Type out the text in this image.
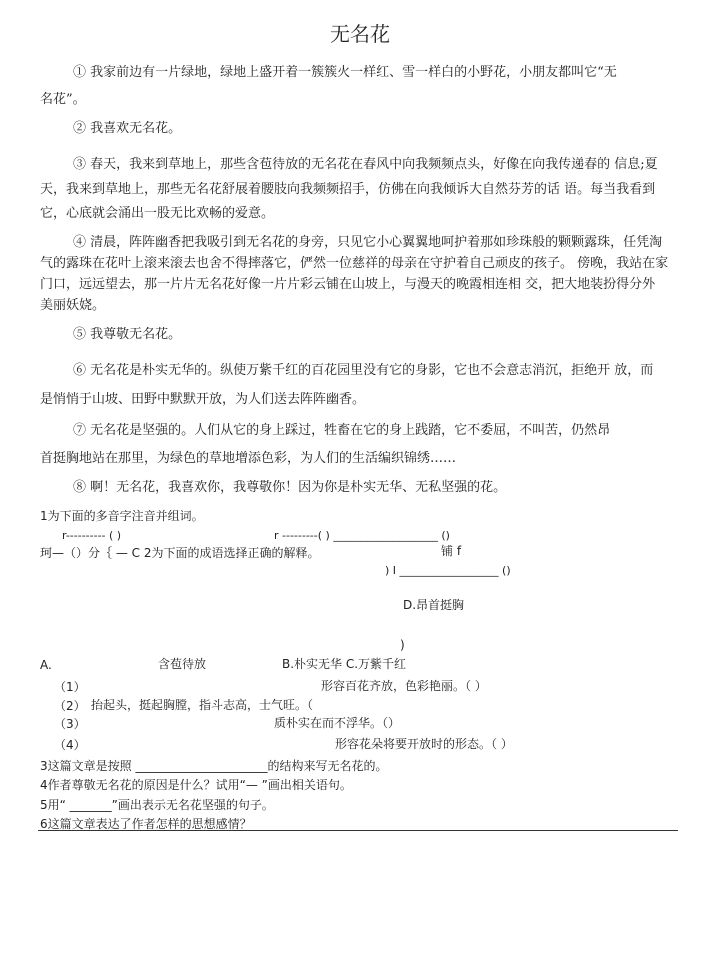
无名花
① 我家前边有一片绿地，绿地上盛开着一簇簇火一样红、雪一样白的小野花，小朋友都叫它“无
名花”。
② 我喜欢无名花。
③ 春天，我来到草地上，那些含苞待放的无名花在春风中向我频频点头，好像在向我传递春的 信息;夏
天，我来到草地上，那些无名花舒展着腰肢向我频频招手，仿佛在向我倾诉大自然芬芳的话 语。每当我看到
它，心底就会涌出一股无比欢畅的爱意。
④ 清晨，阵阵幽香把我吸引到无名花的身旁，只见它小心翼翼地呵护着那如珍珠般的颗颗露珠，任凭淘
气的露珠在花叶上滚来滚去也舍不得摔落它，俨然一位慈祥的母亲在守护着自己顽皮的孩子。 傍晚，我站在家
门口，远远望去，那一片片无名花好像一片片彩云铺在山坡上，与漫天的晚霞相连相 交，把大地装扮得分外
美丽妖娆。
⑤ 我尊敬无名花。
⑥ 无名花是朴实无华的。纵使万紫千红的百花园里没有它的身影，它也不会意志消沉，拒绝开 放，而
是悄悄于山坡、田野中默默开放，为人们送去阵阵幽香。
⑦ 无名花是坚强的。人们从它的身上踩过，牲畜在它的身上践踏，它不委屈，不叫苦，仍然昂
首挺胸地站在那里，为绿色的草地增添色彩，为人们的生活编织锦绣……
⑧ 啊！无名花，我喜欢你，我尊敬你！因为你是朴实无华、无私坚强的花。
1为下面的多音字注音并组词。
r---------- ( )	r ---------( ) ___________________ ()
珂—（）分｛ — C 2为下面的成语选择正确的解释。	铺 f
) I __________________ ()
D.昂首挺胸
)
A.	含苞待放	B.朴实无华 C.万紫千红
（1）	形容百花齐放，色彩艳丽。（ ）
（2） 抬起头，挺起胸膛，指斗志高，士气旺。（
（3）	质朴实在而不浮华。（）
（4）	形容花朵将要开放时的形态。（ ）
3这篇文章是按照 ______________________的结构来写无名花的。
4作者尊敬无名花的原因是什么？试用“— ”画出相关语句。
5用“ _______”画出表示无名花坚强的句子。
6这篇文章表达了作者怎样的思想感情？
